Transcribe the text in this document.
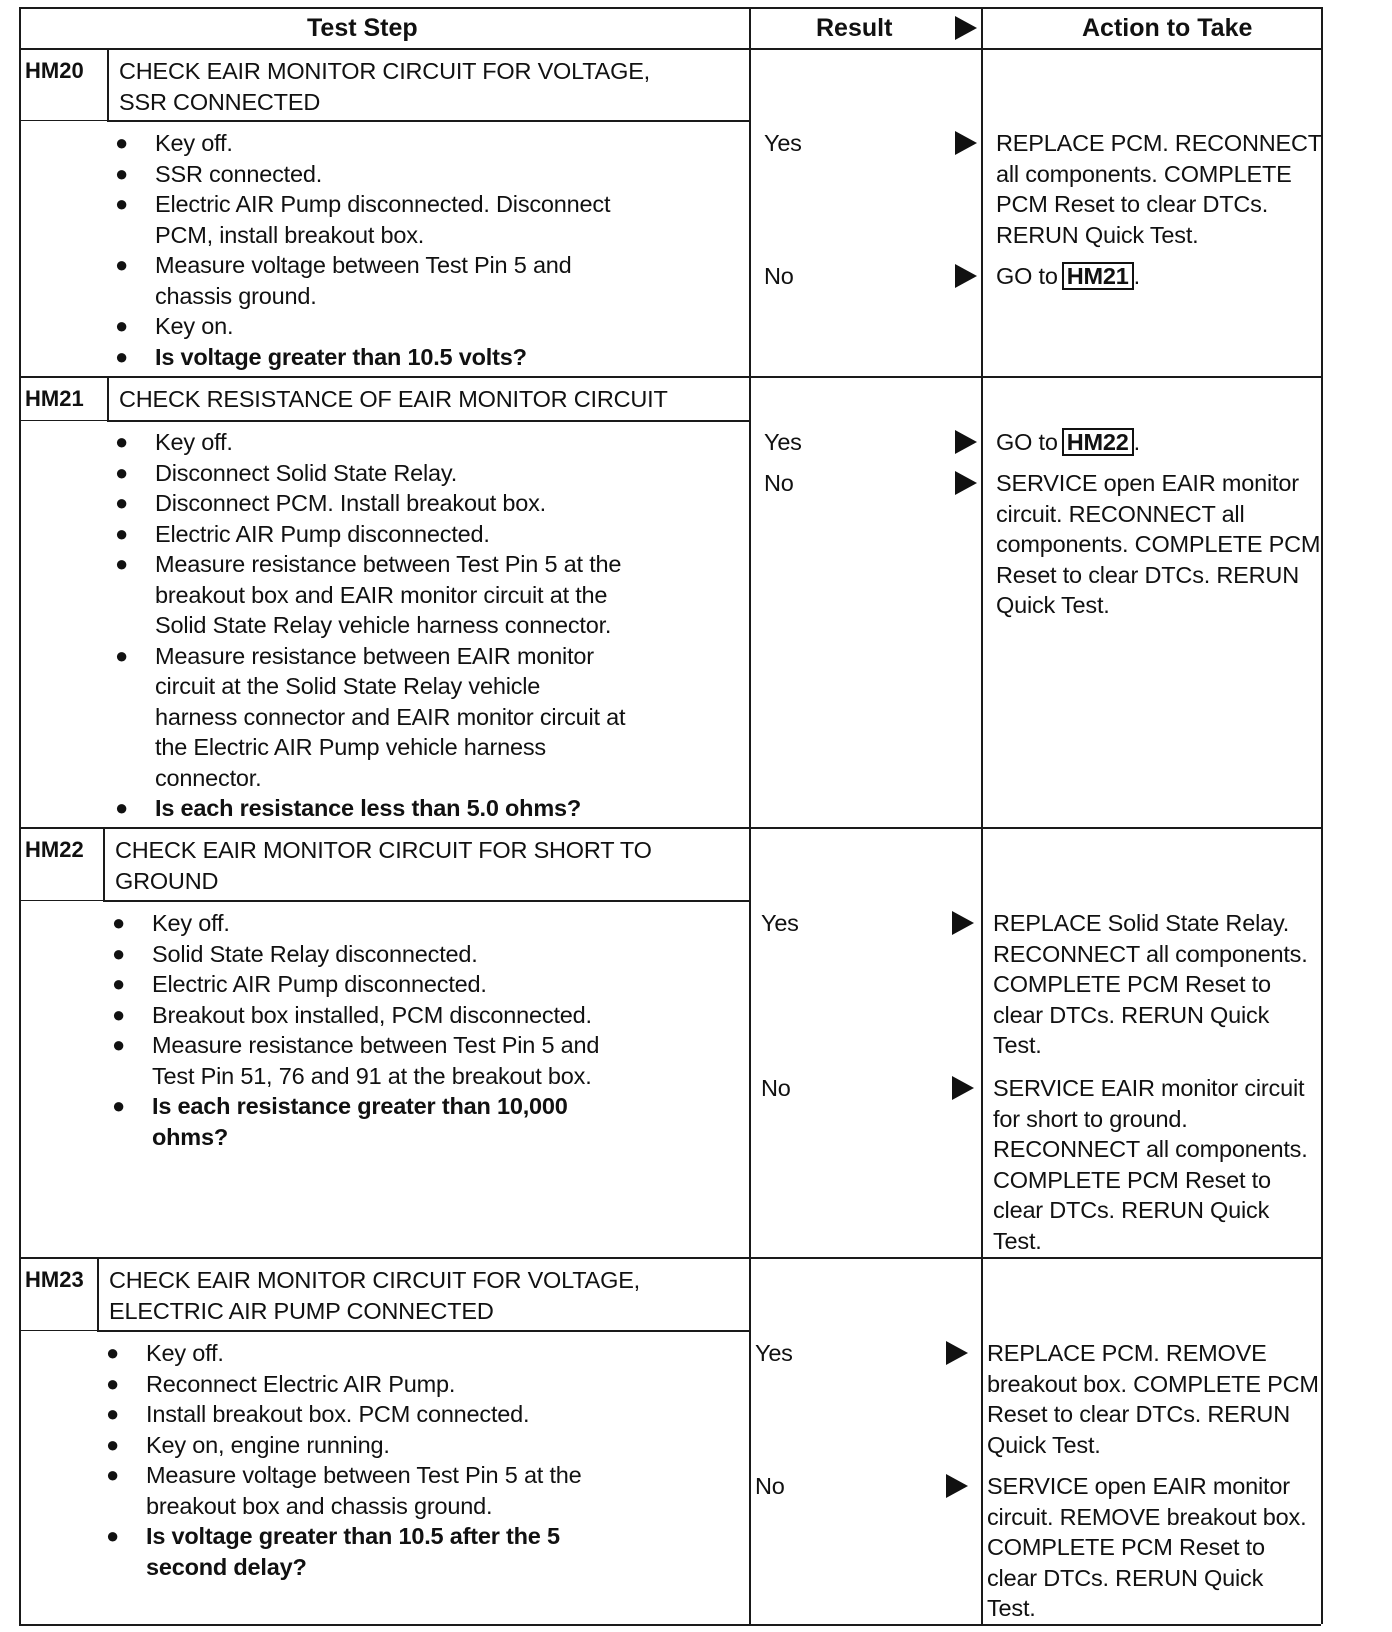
Test Step	Result	Action to Take
HM20 CHECK EAIR MONITOR CIRCUIT FOR VOLTAGE,
SSR CONNECTED
● Key off.
● SSR connected.
● Electric AIR Pump disconnected. Disconnect
PCM, install breakout box.
● Measure voltage between Test Pin 5 and
chassis ground.
● Key on.
● Is voltage greater than 10.5 volts?
Yes	REPLACE PCM. RECONNECT
all components. COMPLETE
PCM Reset to clear DTCs.
RERUN Quick Test.
No	GO to HM21 .
HM21 CHECK RESISTANCE OF EAIR MONITOR CIRCUIT
● Key off.
● Disconnect Solid State Relay.
● Disconnect PCM. Install breakout box.
● Electric AIR Pump disconnected.
● Measure resistance between Test Pin 5 at the
breakout box and EAIR monitor circuit at the
Solid State Relay vehicle harness connector.
● Measure resistance between EAIR monitor
circuit at the Solid State Relay vehicle
harness connector and EAIR monitor circuit at
the Electric AIR Pump vehicle harness
connector.
● Is each resistance less than 5.0 ohms?
Yes	GO to HM22 .
No	SERVICE open EAIR monitor
circuit. RECONNECT all
components. COMPLETE PCM
Reset to clear DTCs. RERUN
Quick Test.
HM22 CHECK EAIR MONITOR CIRCUIT FOR SHORT TO
GROUND
● Key off.
● Solid State Relay disconnected.
● Electric AIR Pump disconnected.
● Breakout box installed, PCM disconnected.
● Measure resistance between Test Pin 5 and
Test Pin 51, 76 and 91 at the breakout box.
● Is each resistance greater than 10,000
ohms?
Yes	REPLACE Solid State Relay.
RECONNECT all components.
COMPLETE PCM Reset to
clear DTCs. RERUN Quick
Test.
No	SERVICE EAIR monitor circuit
for short to ground.
RECONNECT all components.
COMPLETE PCM Reset to
clear DTCs. RERUN Quick
Test.
HM23 CHECK EAIR MONITOR CIRCUIT FOR VOLTAGE,
ELECTRIC AIR PUMP CONNECTED
● Key off.
● Reconnect Electric AIR Pump.
● Install breakout box. PCM connected.
● Key on, engine running.
● Measure voltage between Test Pin 5 at the
breakout box and chassis ground.
● Is voltage greater than 10.5 after the 5
second delay?
Yes	REPLACE PCM. REMOVE
breakout box. COMPLETE PCM
Reset to clear DTCs. RERUN
Quick Test.
No	SERVICE open EAIR monitor
circuit. REMOVE breakout box.
COMPLETE PCM Reset to
clear DTCs. RERUN Quick
Test.
